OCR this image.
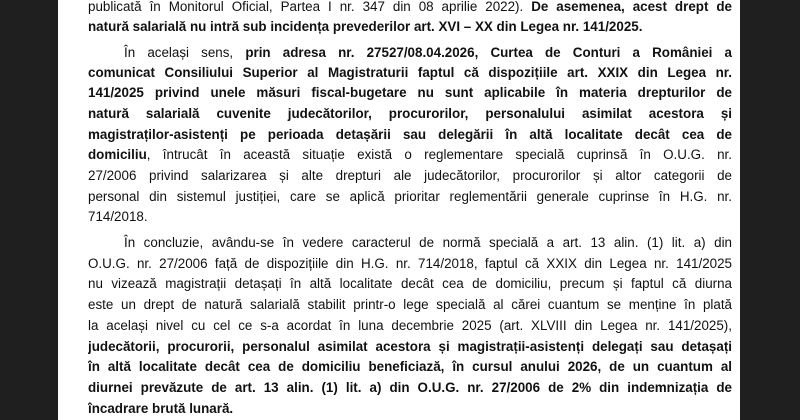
publicată în Monitorul Oficial, Partea I nr. 347 din 08 aprilie 2022). De asemenea, acest drept de
natură salarială nu intră sub incidența prevederilor art. XVI – XX din Legea nr. 141/2025.
În același sens, prin adresa nr. 27527/08.04.2026, Curtea de Conturi a României a
comunicat Consiliului Superior al Magistraturii faptul că dispozițiile art. XXIX din Legea nr.
141/2025 privind unele măsuri fiscal-bugetare nu sunt aplicabile în materia drepturilor de
natură salarială cuvenite judecătorilor, procurorilor, personalului asimilat acestora și
magistraților-asistenți pe perioada detașării sau delegării în altă localitate decât cea de
domiciliu, întrucât în această situație există o reglementare specială cuprinsă în O.U.G. nr.
27/2006 privind salarizarea și alte drepturi ale judecătorilor, procurorilor și altor categorii de
personal din sistemul justiției, care se aplică prioritar reglementării generale cuprinse în H.G. nr.
714/2018.
În concluzie, avându-se în vedere caracterul de normă specială a art. 13 alin. (1) lit. a) din
O.U.G. nr. 27/2006 față de dispozițiile din H.G. nr. 714/2018, faptul că XXIX din Legea nr. 141/2025
nu vizează magistrații detașați în altă localitate decât cea de domiciliu, precum și faptul că diurna
este un drept de natură salarială stabilit printr-o lege specială al cărei cuantum se menține în plată
la același nivel cu cel ce s-a acordat în luna decembrie 2025 (art. XLVIII din Legea nr. 141/2025),
judecătorii, procurorii, personalul asimilat acestora și magistrații-asistenți delegați sau detașați
în altă localitate decât cea de domiciliu beneficiază, în cursul anului 2026, de un cuantum al
diurnei prevăzute de art. 13 alin. (1) lit. a) din O.U.G. nr. 27/2006 de 2% din indemnizația de
încadrare brută lunară.
